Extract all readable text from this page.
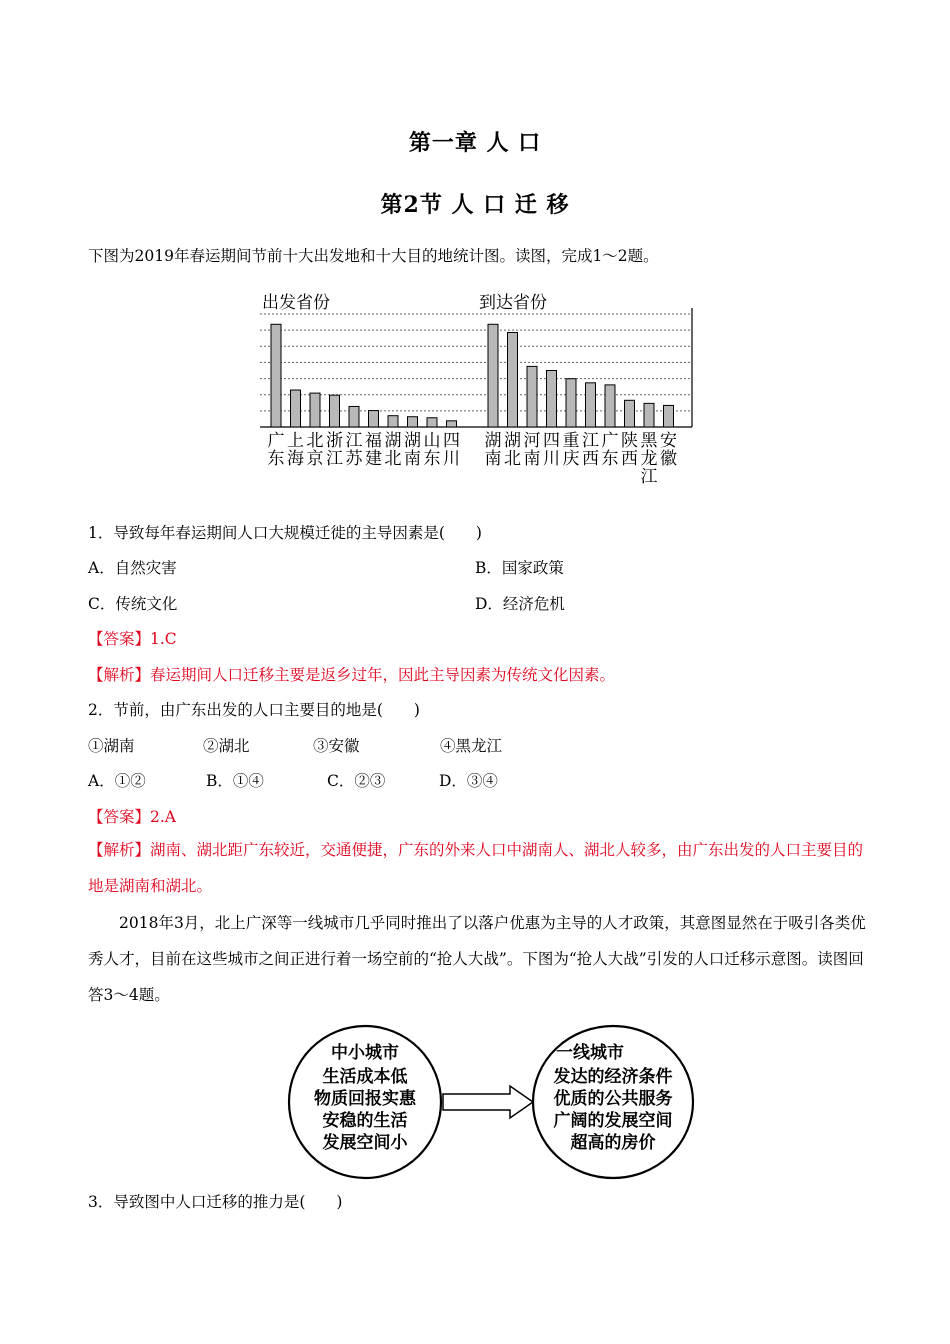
第一章 人 口
第2节 人 口 迁 移
下图为2019年春运期间节前十大出发地和十大目的地统计图。读图，完成1～2题。
出发省份
广
东
上
海
北
京
浙
江
江
苏
福
建
湖
北
湖
南
山
东
四
川
到达省份
湖
南
湖
北
河
南
四
川
重
庆
江
西
广
东
陕
西
黑
龙
江
安
徽
1．导致每年春运期间人口大规模迁徙的主导因素是(　　)
A．自然灾害	B．国家政策
C．传统文化	D．经济危机
【答案】1.C
【解析】春运期间人口迁移主要是返乡过年，因此主导因素为传统文化因素。
2．节前，由广东出发的人口主要目的地是(　　)
①湖南	②湖北	③安徽	④黑龙江
A．①②	B．①④	C．②③	D．③④
【答案】2.A
【解析】湖南、湖北距广东较近，交通便捷，广东的外来人口中湖南人、湖北人较多，由广东出发的人口主要目的地是湖南和湖北。
2018年3月，北上广深等一线城市几乎同时推出了以落户优惠为主导的人才政策，其意图显然在于吸引各类优秀人才，目前在这些城市之间正进行着一场空前的“抢人大战”。下图为“抢人大战”引发的人口迁移示意图。读图回答3～4题。
中小城市
生活成本低
物质回报实惠
安稳的生活
发展空间小
一线城市
发达的经济条件
优质的公共服务
广阔的发展空间
超高的房价
3．导致图中人口迁移的推力是(　　)
